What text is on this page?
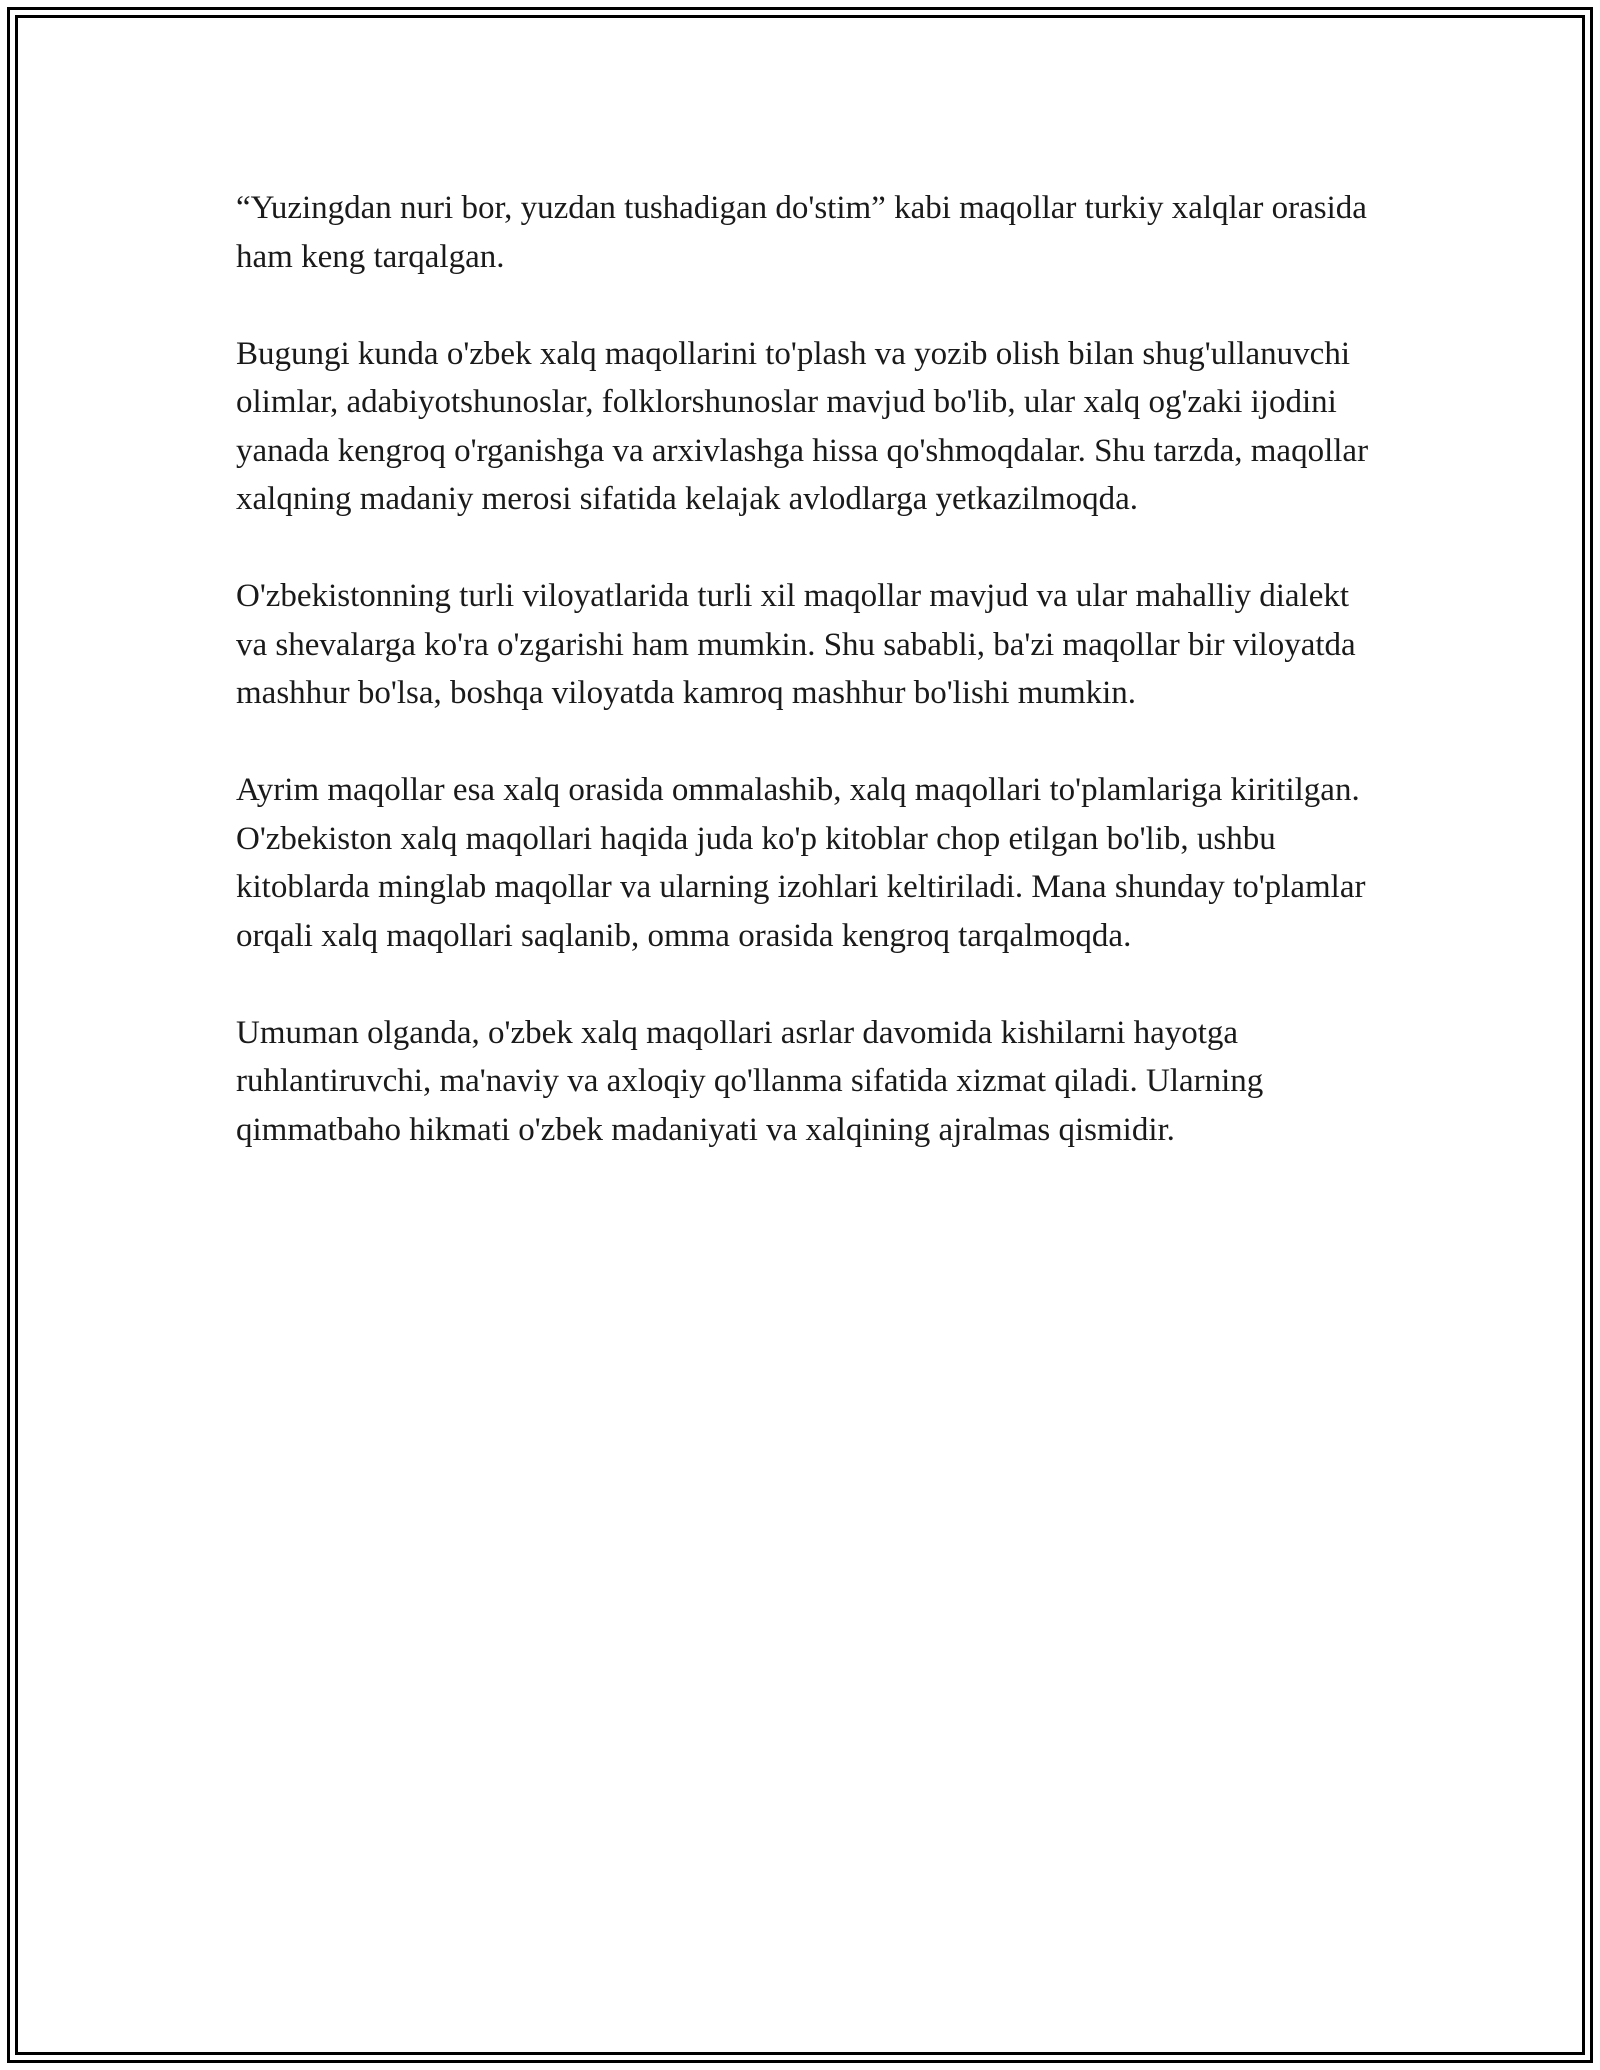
“Yuzingdan nuri bor, yuzdan tushadigan do'stim” kabi maqollar turkiy xalqlar orasida ham keng tarqalgan.

Bugungi kunda o'zbek xalq maqollarini to'plash va yozib olish bilan shug'ullanuvchi olimlar, adabiyotshunoslar, folklorshunoslar mavjud bo'lib, ular xalq og'zaki ijodini yanada kengroq o'rganishga va arxivlashga hissa qo'shmoqdalar. Shu tarzda, maqollar xalqning madaniy merosi sifatida kelajak avlodlarga yetkazilmoqda.

O'zbekistonning turli viloyatlarida turli xil maqollar mavjud va ular mahalliy dialekt va shevalarga ko'ra o'zgarishi ham mumkin. Shu sababli, ba'zi maqollar bir viloyatda mashhur bo'lsa, boshqa viloyatda kamroq mashhur bo'lishi mumkin.

Ayrim maqollar esa xalq orasida ommalashib, xalq maqollari to'plamlariga kiritilgan. O'zbekiston xalq maqollari haqida juda ko'p kitoblar chop etilgan bo'lib, ushbu kitoblarda minglab maqollar va ularning izohlari keltiriladi. Mana shunday to'plamlar orqali xalq maqollari saqlanib, omma orasida kengroq tarqalmoqda.

Umuman olganda, o'zbek xalq maqollari asrlar davomida kishilarni hayotga ruhlantiruvchi, ma'naviy va axloqiy qo'llanma sifatida xizmat qiladi. Ularning qimmatbaho hikmati o'zbek madaniyati va xalqining ajralmas qismidir.
